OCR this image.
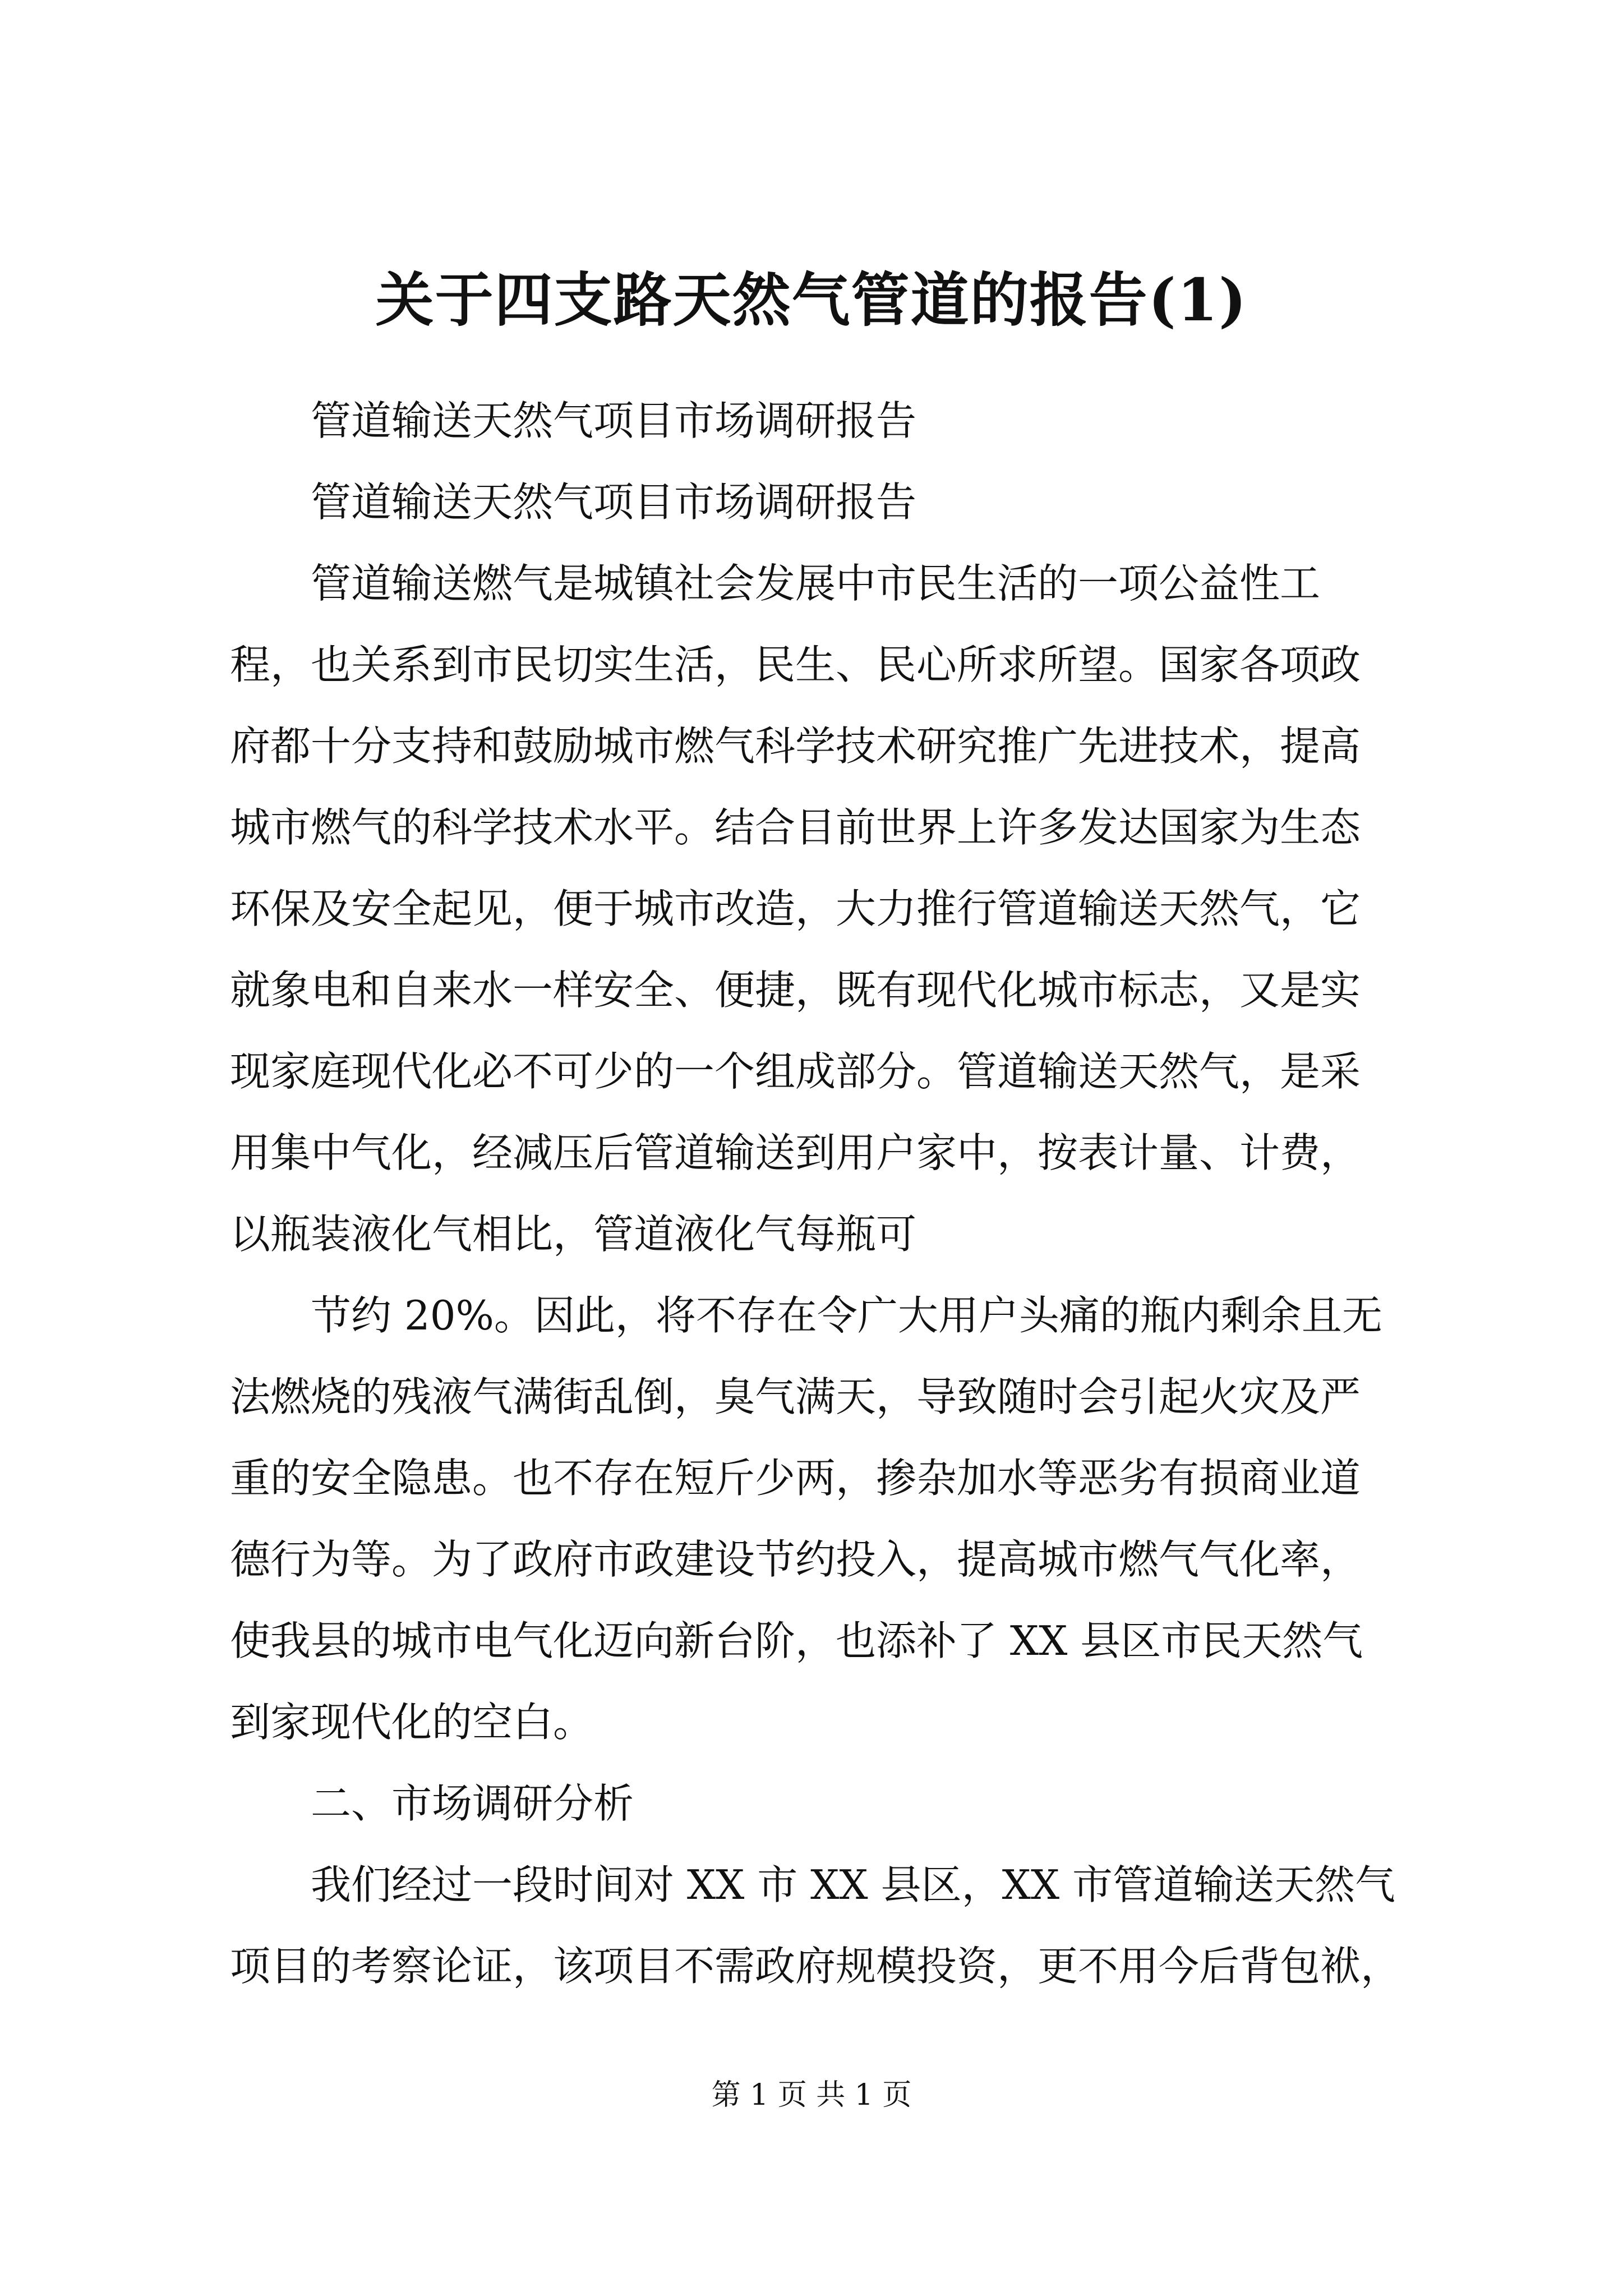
关于四支路天然气管道的报告(1)
管道输送天然气项目市场调研报告
管道输送天然气项目市场调研报告
管道输送燃气是城镇社会发展中市民生活的一项公益性工
程，也关系到市民切实生活，民生、民心所求所望。国家各项政
府都十分支持和鼓励城市燃气科学技术研究推广先进技术，提高
城市燃气的科学技术水平。结合目前世界上许多发达国家为生态
环保及安全起见，便于城市改造，大力推行管道输送天然气，它
就象电和自来水一样安全、便捷，既有现代化城市标志，又是实
现家庭现代化必不可少的一个组成部分。管道输送天然气，是采
用集中气化，经减压后管道输送到用户家中，按表计量、计费，
以瓶装液化气相比，管道液化气每瓶可
节约 20%。因此，将不存在令广大用户头痛的瓶内剩余且无
法燃烧的残液气满街乱倒，臭气满天，导致随时会引起火灾及严
重的安全隐患。也不存在短斤少两，掺杂加水等恶劣有损商业道
德行为等。为了政府市政建设节约投入，提高城市燃气气化率，
使我县的城市电气化迈向新台阶，也添补了 XX 县区市民天然气
到家现代化的空白。
二、市场调研分析
我们经过一段时间对 XX 市 XX 县区，XX 市管道输送天然气
项目的考察论证，该项目不需政府规模投资，更不用今后背包袱，
第 1 页 共 1 页
